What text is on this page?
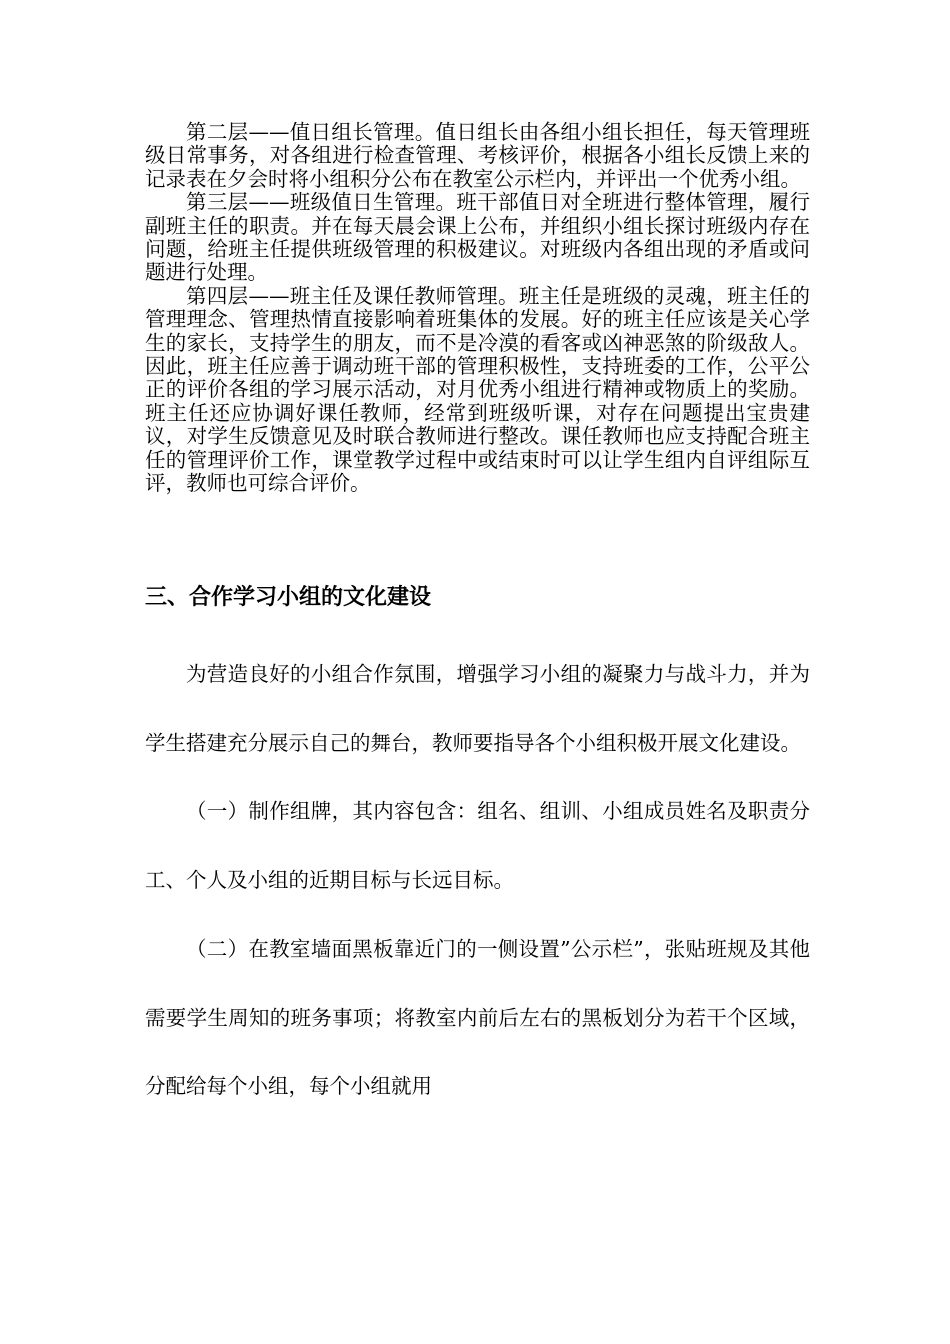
第二层——值日组长管理。值日组长由各组小组长担任，每天管理班级日常事务，对各组进行检查管理、考核评价，根据各小组长反馈上来的记录表在夕会时将小组积分公布在教室公示栏内，并评出一个优秀小组。

第三层——班级值日生管理。班干部值日对全班进行整体管理，履行副班主任的职责。并在每天晨会课上公布，并组织小组长探讨班级内存在问题，给班主任提供班级管理的积极建议。对班级内各组出现的矛盾或问题进行处理。

第四层——班主任及课任教师管理。班主任是班级的灵魂，班主任的管理理念、管理热情直接影响着班集体的发展。好的班主任应该是关心学生的家长，支持学生的朋友，而不是冷漠的看客或凶神恶煞的阶级敌人。因此，班主任应善于调动班干部的管理积极性，支持班委的工作，公平公正的评价各组的学习展示活动，对月优秀小组进行精神或物质上的奖励。班主任还应协调好课任教师，经常到班级听课，对存在问题提出宝贵建议，对学生反馈意见及时联合教师进行整改。课任教师也应支持配合班主任的管理评价工作，课堂教学过程中或结束时可以让学生组内自评组际互评，教师也可综合评价。

三、合作学习小组的文化建设

为营造良好的小组合作氛围，增强学习小组的凝聚力与战斗力，并为学生搭建充分展示自己的舞台，教师要指导各个小组积极开展文化建设。

（一）制作组牌，其内容包含：组名、组训、小组成员姓名及职责分工、个人及小组的近期目标与长远目标。

（二）在教室墙面黑板靠近门的一侧设置”公示栏”，张贴班规及其他需要学生周知的班务事项；将教室内前后左右的黑板划分为若干个区域，分配给每个小组，每个小组就用
